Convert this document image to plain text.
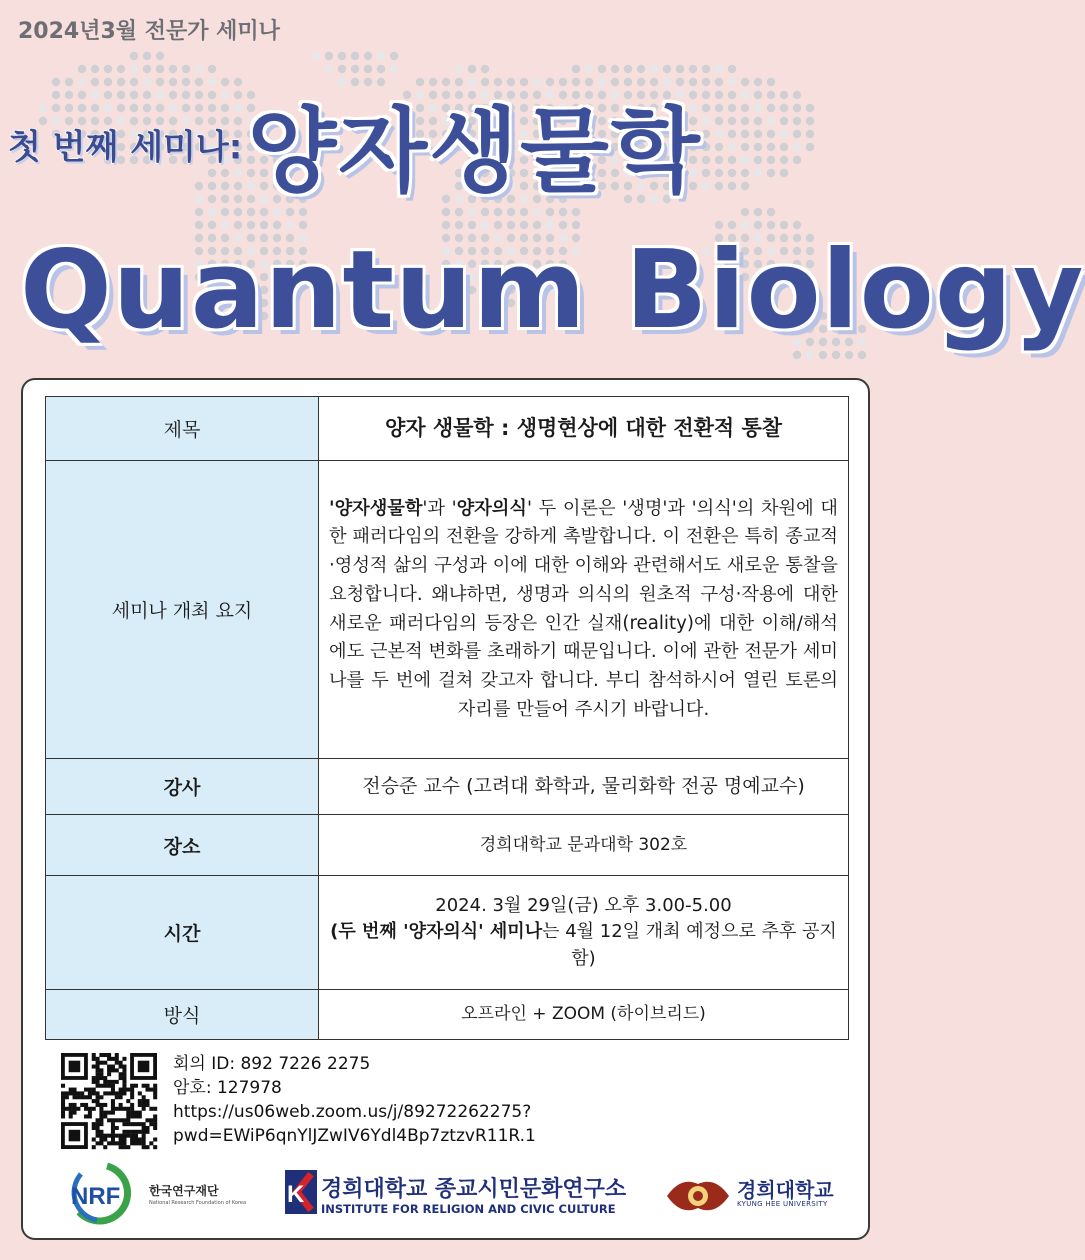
2024년3월 전문가 세미나
첫 번째 세미나: 양자생물학
Quantum Biology
제목	양자 생물학 : 생명현상에 대한 전환적 통찰
세미나 개최 요지	'양자생물학'과 '양자의식' 두 이론은 '생명'과 '의식'의 차원에 대한 패러다임의 전환을 강하게 촉발합니다. 이 전환은 특히 종교적·영성적 삶의 구성과 이에 대한 이해와 관련해서도 새로운 통찰을 요청합니다. 왜냐하면, 생명과 의식의 원초적 구성·작용에 대한 새로운 패러다임의 등장은 인간 실재(reality)에 대한 이해/해석에도 근본적 변화를 초래하기 때문입니다. 이에 관한 전문가 세미나를 두 번에 걸쳐 갖고자 합니다. 부디 참석하시어 열린 토론의 자리를 만들어 주시기 바랍니다.
강사	전승준 교수 (고려대 화학과, 물리화학 전공 명예교수)
장소	경희대학교 문과대학 302호
시간	2024. 3월 29일(금) 오후 3.00-5.00
(두 번째 '양자의식' 세미나는 4월 12일 개최 예정으로 추후 공지함)
방식	오프라인 + ZOOM (하이브리드)
회의 ID: 892 7226 2275
암호: 127978
https://us06web.zoom.us/j/89272262275?
pwd=EWiP6qnYlJZwIV6Ydl4Bp7ztzvR11R.1
NRF 한국연구재단
National Research Foundation of Korea K 경희대학교 종교시민문화연구소
INSTITUTE FOR RELIGION AND CIVIC CULTURE
경희대학교
KYUNG HEE UNIVERSITY
